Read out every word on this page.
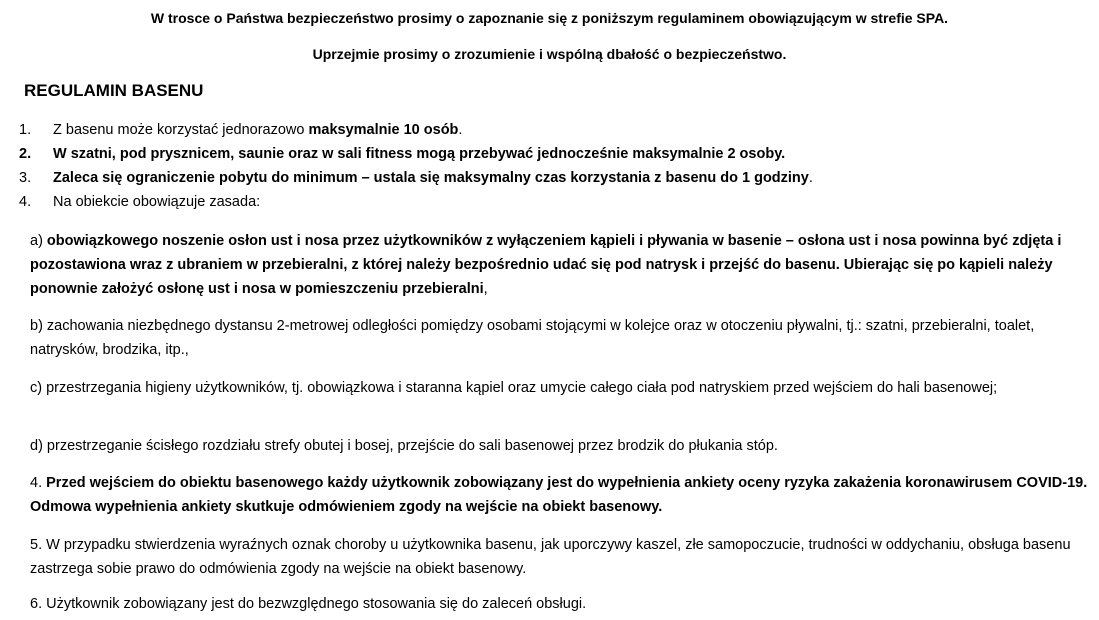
W trosce o Państwa bezpieczeństwo prosimy o zapoznanie się z poniższym regulaminem obowiązującym w strefie SPA.
Uprzejmie prosimy o zrozumienie i wspólną dbałość o bezpieczeństwo.
REGULAMIN BASENU
1. Z basenu może korzystać jednorazowo maksymalnie 10 osób.
2. W szatni, pod prysznicem, saunie oraz w sali fitness mogą przebywać jednocześnie maksymalnie 2 osoby.
3. Zaleca się ograniczenie pobytu do minimum – ustala się maksymalny czas korzystania z basenu do 1 godziny.
4. Na obiekcie obowiązuje zasada:
a) obowiązkowego noszenie osłon ust i nosa przez użytkowników z wyłączeniem kąpieli i pływania w basenie – osłona ust i nosa powinna być zdjęta i pozostawiona wraz z ubraniem w przebieralni, z której należy bezpośrednio udać się pod natrysk i przejść do basenu. Ubierając się po kąpieli należy ponownie założyć osłonę ust i nosa w pomieszczeniu przebieralni,
b) zachowania niezbędnego dystansu 2-metrowej odległości pomiędzy osobami stojącymi w kolejce oraz w otoczeniu pływalni, tj.: szatni, przebieralni, toalet, natrysków, brodzika, itp.,
c) przestrzegania higieny użytkowników, tj. obowiązkowa i staranna kąpiel oraz umycie całego ciała pod natryskiem przed wejściem do hali basenowej;
d) przestrzeganie ścisłego rozdziału strefy obutej i bosej, przejście do sali basenowej przez brodzik do płukania stóp.
4. Przed wejściem do obiektu basenowego każdy użytkownik zobowiązany jest do wypełnienia ankiety oceny ryzyka zakażenia koronawirusem COVID-19. Odmowa wypełnienia ankiety skutkuje odmówieniem zgody na wejście na obiekt basenowy.
5. W przypadku stwierdzenia wyraźnych oznak choroby u użytkownika basenu, jak uporczywy kaszel, złe samopoczucie, trudności w oddychaniu, obsługa basenu zastrzega sobie prawo do odmówienia zgody na wejście na obiekt basenowy.
6. Użytkownik zobowiązany jest do bezwzględnego stosowania się do zaleceń obsługi.
